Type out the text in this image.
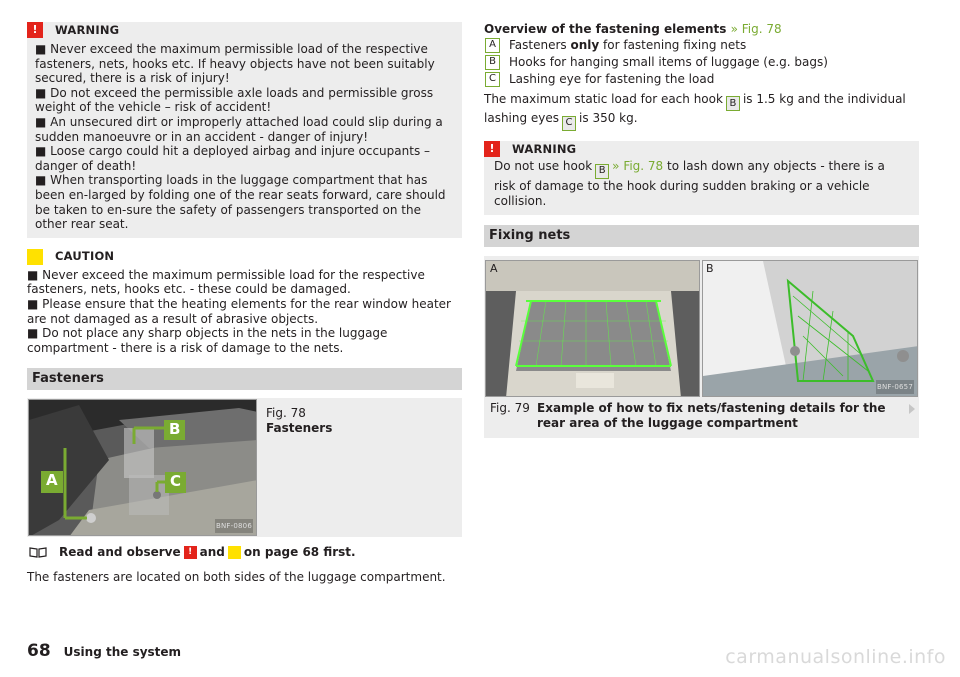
!	WARNING

■ Never exceed the maximum permissible load of the respective fasteners, nets, hooks etc. If heavy objects have not been suitably secured, there is a risk of injury!

■ Do not exceed the permissible axle loads and permissible gross weight of the vehicle – risk of accident!

■ An unsecured dirt or improperly attached load could slip during a sudden manoeuvre or in an accident - danger of injury!

■ Loose cargo could hit a deployed airbag and injure occupants – danger of death!

■ When transporting loads in the luggage compartment that has been en-larged by folding one of the rear seats forward, care should be taken to en-sure the safety of passengers transported on the other rear seat.

CAUTION

■ Never exceed the maximum permissible load for the respective fasteners, nets, hooks etc. - these could be damaged.

■ Please ensure that the heating elements for the rear window heater are not damaged as a result of abrasive objects.

■ Do not place any sharp objects in the nets in the luggage compartment - there is a risk of damage to the nets.

Fasteners
B
A	C
BNF-0806
Fig. 78
Fasteners
Read and observe ! and on page 68 first.

The fasteners are located on both sides of the luggage compartment.

Overview of the fastening elements » Fig. 78
A	Fasteners only for fastening fixing nets
B	Hooks for hanging small items of luggage (e.g. bags)
C	Lashing eye for fastening the load

The maximum static load for each hook B is 1.5 kg and the individual lashing eyes C is 350 kg.

!	WARNING

Do not use hook B » Fig. 78 to lash down any objects - there is a risk of damage to the hook during sudden braking or a vehicle collision.

Fixing nets
A
BNF-0657
B
Fig. 79 Example of how to fix nets/fastening details for the rear area of the luggage compartment
68 Using the system	carmanualsonline.info
